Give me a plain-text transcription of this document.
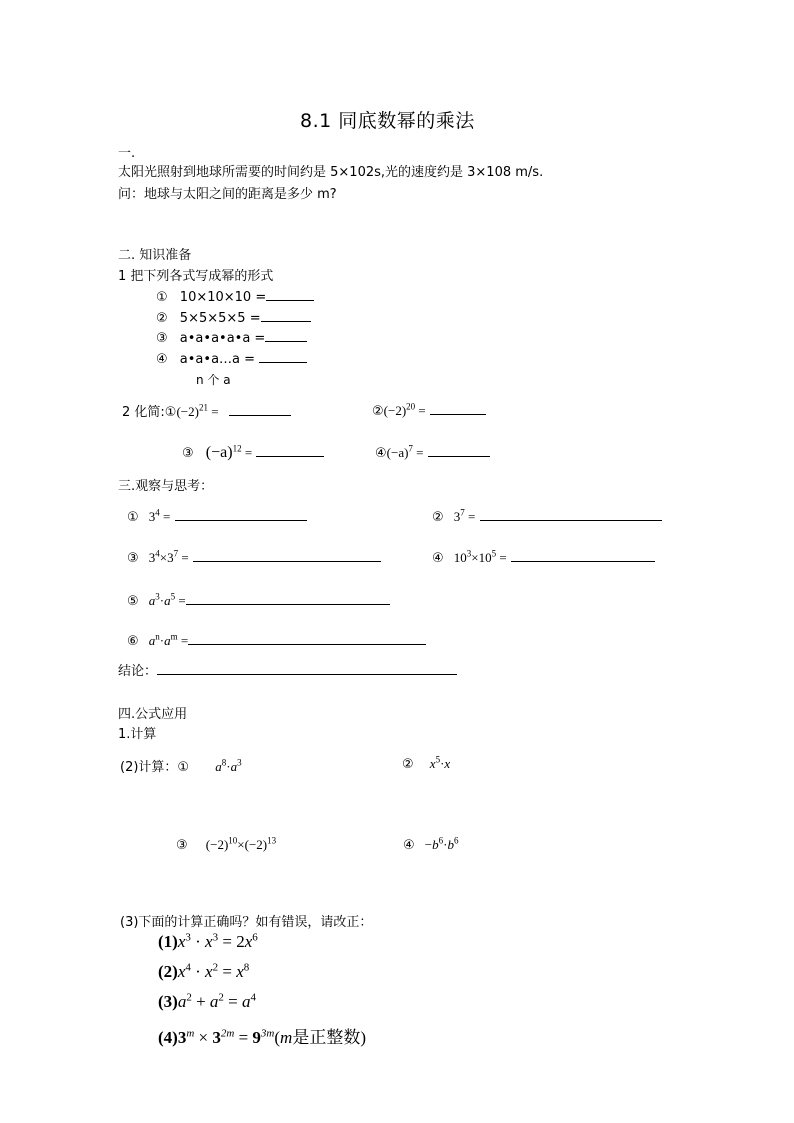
8.1 同底数幂的乘法
一.
太阳光照射到地球所需要的时间约是 5×102s,光的速度约是 3×108 m/s.
问：地球与太阳之间的距离是多少 m?
二. 知识准备
1 把下列各式写成幂的形式
① 10×10×10 =
② 5×5×5×5 =
③ a•a•a•a•a =
④ a•a•a…a =
n 个 a
2 化简$:①(-2)^{21}$ =	$②(-2)^{20}$ =
③ $(-a)^{12}$ =	$④(-a)^7$ =
三.观察与思考：
① $3^4$ =	② $3^7$ =
③ $3^4\times 3^7$ =	④ $10^3\times 10^5$ =
⑤ $a^3\cdot a^5$ =
⑥ $a^n\cdot a^m$ =
结论：
四.公式应用
1.计算
(2)计算：① $a^8\cdot a^3$	② $x^5\cdot x$
③ $(-2)^{10}\times(-2)^{13}$	④ $-b^6\cdot b^6$
(3)下面的计算正确吗？如有错误，请改正：
$(1)x^3 \cdot x^3 = 2x^6$
$(2)x^4 \cdot x^2 = x^8$
$(3)a^2 + a^2 = a^4$
$(4)3^m \times 3^{2m} = 9^{3m}(m$是正整数)
